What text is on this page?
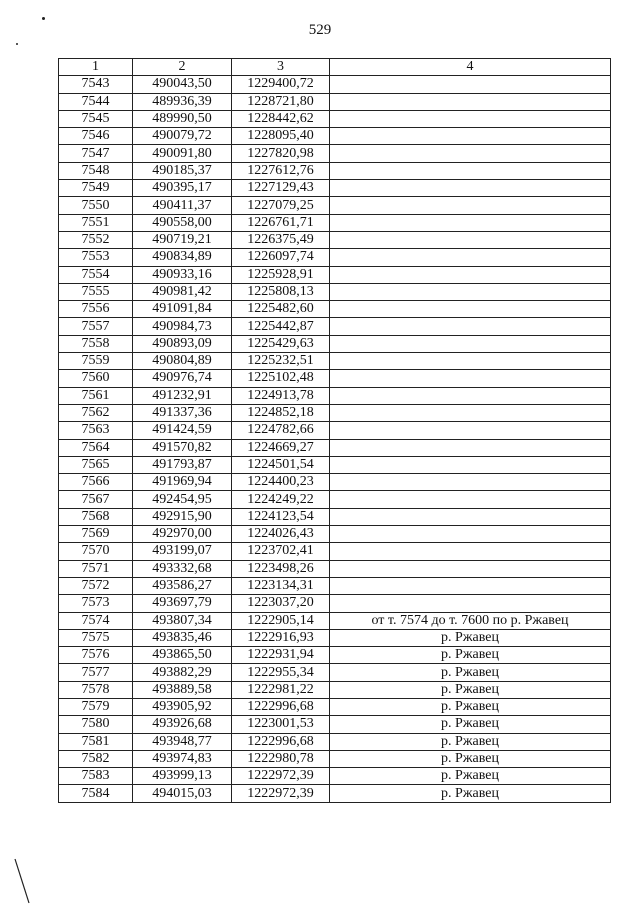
529
1	2	3	4
7543	490043,50	1229400,72	
7544	489936,39	1228721,80	
7545	489990,50	1228442,62	
7546	490079,72	1228095,40	
7547	490091,80	1227820,98	
7548	490185,37	1227612,76	
7549	490395,17	1227129,43	
7550	490411,37	1227079,25	
7551	490558,00	1226761,71	
7552	490719,21	1226375,49	
7553	490834,89	1226097,74	
7554	490933,16	1225928,91	
7555	490981,42	1225808,13	
7556	491091,84	1225482,60	
7557	490984,73	1225442,87	
7558	490893,09	1225429,63	
7559	490804,89	1225232,51	
7560	490976,74	1225102,48	
7561	491232,91	1224913,78	
7562	491337,36	1224852,18	
7563	491424,59	1224782,66	
7564	491570,82	1224669,27	
7565	491793,87	1224501,54	
7566	491969,94	1224400,23	
7567	492454,95	1224249,22	
7568	492915,90	1224123,54	
7569	492970,00	1224026,43	
7570	493199,07	1223702,41	
7571	493332,68	1223498,26	
7572	493586,27	1223134,31	
7573	493697,79	1223037,20	
7574	493807,34	1222905,14	от т. 7574 до т. 7600 по р. Ржавец
7575	493835,46	1222916,93	р. Ржавец
7576	493865,50	1222931,94	р. Ржавец
7577	493882,29	1222955,34	р. Ржавец
7578	493889,58	1222981,22	р. Ржавец
7579	493905,92	1222996,68	р. Ржавец
7580	493926,68	1223001,53	р. Ржавец
7581	493948,77	1222996,68	р. Ржавец
7582	493974,83	1222980,78	р. Ржавец
7583	493999,13	1222972,39	р. Ржавец
7584	494015,03	1222972,39	р. Ржавец
